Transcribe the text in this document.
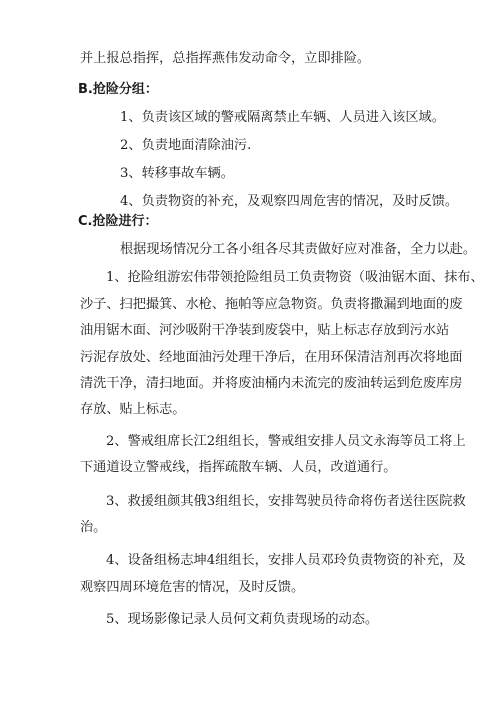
并上报总指挥，总指挥燕伟发动命令，立即排险。
B.抢险分组：
1、负责该区域的警戒隔离禁止车辆、人员进入该区域。
2、负责地面清除油污.
3、转移事故车辆。
4、负责物资的补充，及观察四周危害的情况，及时反馈。
C.抢险进行：
根据现场情况分工各小组各尽其责做好应对准备，全力以赴。
1、抢险组游宏伟带领抢险组员工负责物资（吸油锯木面、抹布、
沙子、扫把撮箕、水枪、拖帕等应急物资。负责将撒漏到地面的废
油用锯木面、河沙吸附干净装到废袋中，贴上标志存放到污水站
污泥存放处、经地面油污处理干净后，在用环保清洁剂再次将地面
清洗干净，清扫地面。并将废油桶内未流完的废油转运到危废库房
存放、贴上标志。
2、警戒组席长江2组组长，警戒组安排人员文永海等员工将上
下通道设立警戒线，指挥疏散车辆、人员，改道通行。
3、救援组颜其俄3组组长，安排驾驶员待命将伤者送往医院救
治。
4、设备组杨志坤4组组长，安排人员邓玲负责物资的补充，及
观察四周环境危害的情况，及时反馈。
5、现场影像记录人员何文莉负责现场的动态。
